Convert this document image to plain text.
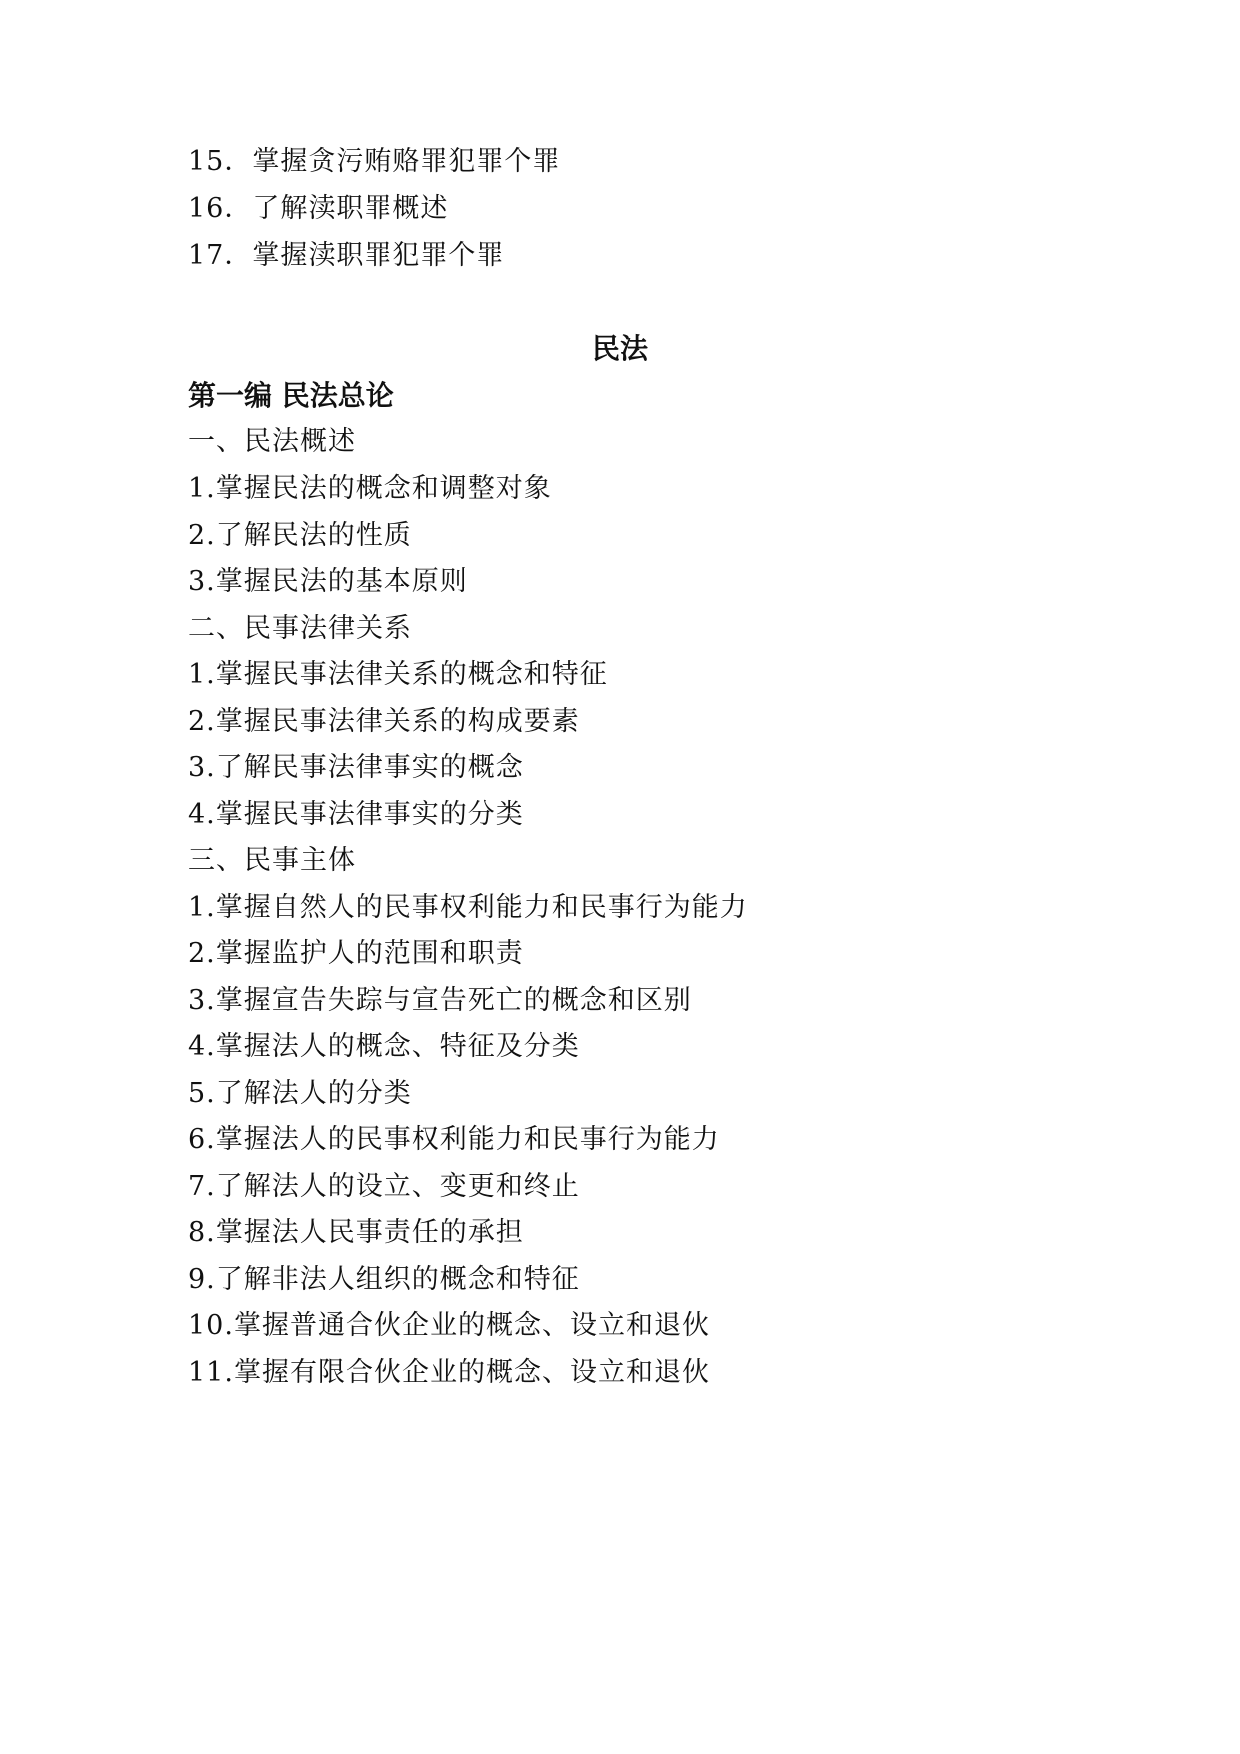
15．掌握贪污贿赂罪犯罪个罪
16．了解渎职罪概述
17．掌握渎职罪犯罪个罪
民法
第一编 民法总论
一、民法概述
1.掌握民法的概念和调整对象
2.了解民法的性质
3.掌握民法的基本原则
二、民事法律关系
1.掌握民事法律关系的概念和特征
2.掌握民事法律关系的构成要素
3.了解民事法律事实的概念
4.掌握民事法律事实的分类
三、民事主体
1.掌握自然人的民事权利能力和民事行为能力
2.掌握监护人的范围和职责
3.掌握宣告失踪与宣告死亡的概念和区别
4.掌握法人的概念、特征及分类
5.了解法人的分类
6.掌握法人的民事权利能力和民事行为能力
7.了解法人的设立、变更和终止
8.掌握法人民事责任的承担
9.了解非法人组织的概念和特征
10.掌握普通合伙企业的概念、设立和退伙
11.掌握有限合伙企业的概念、设立和退伙
